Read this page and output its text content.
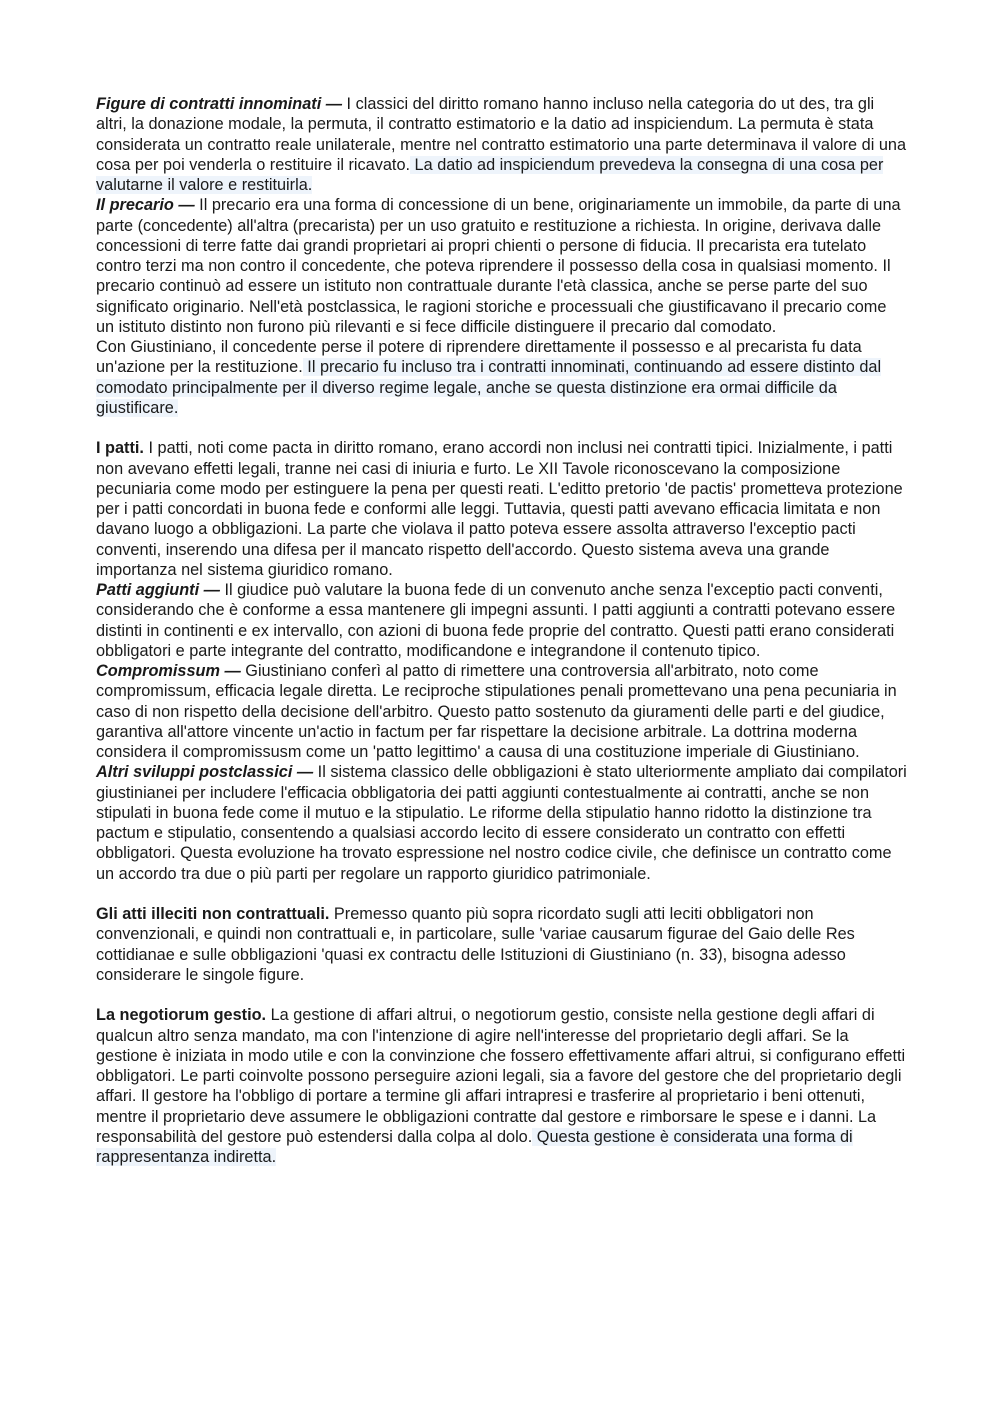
Figure di contratti innominati — I classici del diritto romano hanno incluso nella categoria do ut des, tra gli altri, la donazione modale, la permuta, il contratto estimatorio e la datio ad inspiciendum. La permuta è stata considerata un contratto reale unilaterale, mentre nel contratto estimatorio una parte determinava il valore di una cosa per poi venderla o restituire il ricavato. La datio ad inspiciendum prevedeva la consegna di una cosa per valutarne il valore e restituirla.

Il precario — Il precario era una forma di concessione di un bene, originariamente un immobile, da parte di una parte (concedente) all'altra (precarista) per un uso gratuito e restituzione a richiesta. In origine, derivava dalle concessioni di terre fatte dai grandi proprietari ai propri chienti o persone di fiducia. Il precarista era tutelato contro terzi ma non contro il concedente, che poteva riprendere il possesso della cosa in qualsiasi momento. Il precario continuò ad essere un istituto non contrattuale durante l'età classica, anche se perse parte del suo significato originario. Nell'età postclassica, le ragioni storiche e processuali che giustificavano il precario come un istituto distinto non furono più rilevanti e si fece difficile distinguere il precario dal comodato.

Con Giustiniano, il concedente perse il potere di riprendere direttamente il possesso e al precarista fu data un'azione per la restituzione. Il precario fu incluso tra i contratti innominati, continuando ad essere distinto dal comodato principalmente per il diverso regime legale, anche se questa distinzione era ormai difficile da giustificare.

I patti. I patti, noti come pacta in diritto romano, erano accordi non inclusi nei contratti tipici. Inizialmente, i patti non avevano effetti legali, tranne nei casi di iniuria e furto. Le XII Tavole riconoscevano la composizione pecuniaria come modo per estinguere la pena per questi reati. L'editto pretorio 'de pactis' prometteva protezione per i patti concordati in buona fede e conformi alle leggi. Tuttavia, questi patti avevano efficacia limitata e non davano luogo a obbligazioni. La parte che violava il patto poteva essere assolta attraverso l'exceptio pacti conventi, inserendo una difesa per il mancato rispetto dell'accordo. Questo sistema aveva una grande importanza nel sistema giuridico romano.

Patti aggiunti — Il giudice può valutare la buona fede di un convenuto anche senza l'exceptio pacti conventi, considerando che è conforme a essa mantenere gli impegni assunti. I patti aggiunti a contratti potevano essere distinti in continenti e ex intervallo, con azioni di buona fede proprie del contratto. Questi patti erano considerati obbligatori e parte integrante del contratto, modificandone e integrandone il contenuto tipico.

Compromissum — Giustiniano conferì al patto di rimettere una controversia all'arbitrato, noto come compromissum, efficacia legale diretta. Le reciproche stipulationes penali promettevano una pena pecuniaria in caso di non rispetto della decisione dell'arbitro. Questo patto sostenuto da giuramenti delle parti e del giudice, garantiva all'attore vincente un'actio in factum per far rispettare la decisione arbitrale. La dottrina moderna considera il compromissusm come un 'patto legittimo' a causa di una costituzione imperiale di Giustiniano.

Altri sviluppi postclassici — Il sistema classico delle obbligazioni è stato ulteriormente ampliato dai compilatori giustinianei per includere l'efficacia obbligatoria dei patti aggiunti contestualmente ai contratti, anche se non stipulati in buona fede come il mutuo e la stipulatio. Le riforme della stipulatio hanno ridotto la distinzione tra pactum e stipulatio, consentendo a qualsiasi accordo lecito di essere considerato un contratto con effetti obbligatori. Questa evoluzione ha trovato espressione nel nostro codice civile, che definisce un contratto come un accordo tra due o più parti per regolare un rapporto giuridico patrimoniale.

Gli atti illeciti non contrattuali. Premesso quanto più sopra ricordato sugli atti leciti obbligatori non convenzionali, e quindi non contrattuali e, in particolare, sulle 'variae causarum figurae del Gaio delle Res cottidianae e sulle obbligazioni 'quasi ex contractu delle Istituzioni di Giustiniano (n. 33), bisogna adesso considerare le singole figure.

La negotiorum gestio. La gestione di affari altrui, o negotiorum gestio, consiste nella gestione degli affari di qualcun altro senza mandato, ma con l'intenzione di agire nell'interesse del proprietario degli affari. Se la gestione è iniziata in modo utile e con la convinzione che fossero effettivamente affari altrui, si configurano effetti obbligatori. Le parti coinvolte possono perseguire azioni legali, sia a favore del gestore che del proprietario degli affari. Il gestore ha l'obbligo di portare a termine gli affari intrapresi e trasferire al proprietario i beni ottenuti, mentre il proprietario deve assumere le obbligazioni contratte dal gestore e rimborsare le spese e i danni. La responsabilità del gestore può estendersi dalla colpa al dolo. Questa gestione è considerata una forma di rappresentanza indiretta.
